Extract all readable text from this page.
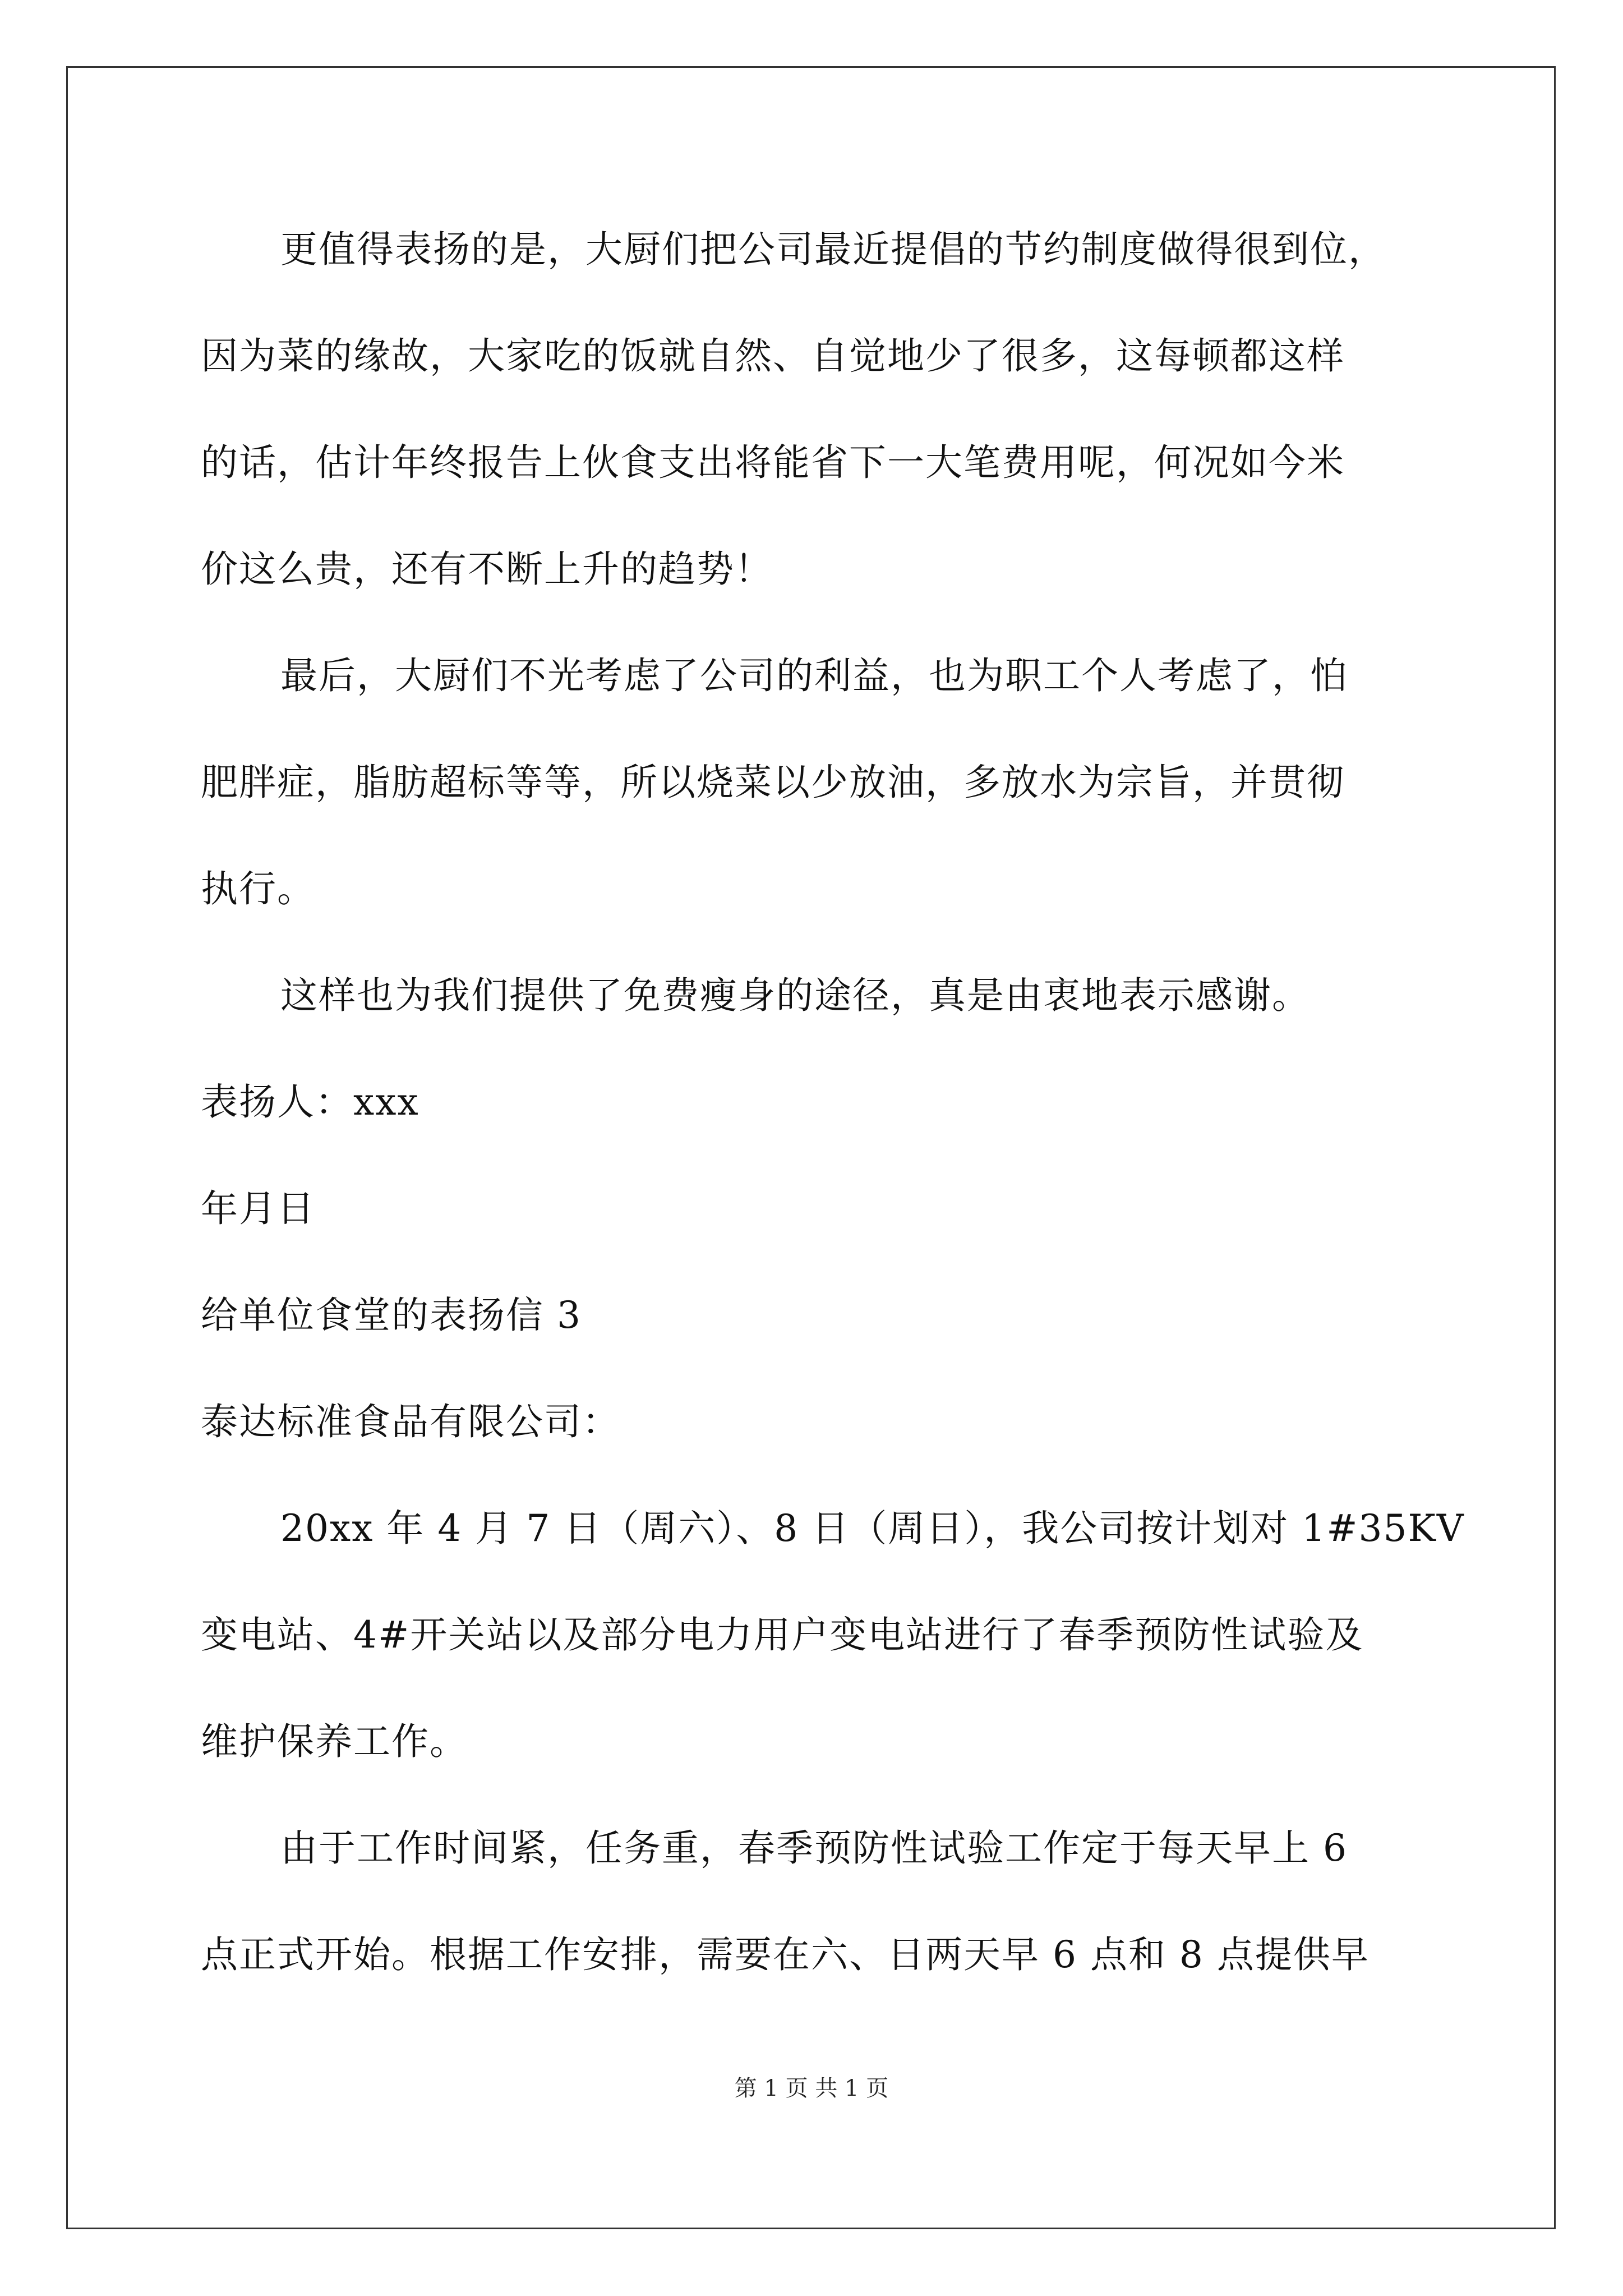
更值得表扬的是，大厨们把公司最近提倡的节约制度做得很到位，
因为菜的缘故，大家吃的饭就自然、自觉地少了很多，这每顿都这样
的话，估计年终报告上伙食支出将能省下一大笔费用呢，何况如今米
价这么贵，还有不断上升的趋势！
最后，大厨们不光考虑了公司的利益，也为职工个人考虑了，怕
肥胖症，脂肪超标等等，所以烧菜以少放油，多放水为宗旨，并贯彻
执行。
这样也为我们提供了免费瘦身的途径，真是由衷地表示感谢。
表扬人：xxx
年月日
给单位食堂的表扬信 3
泰达标准食品有限公司：
20xx 年 4 月 7 日（周六）、8 日（周日），我公司按计划对 1#35KV
变电站、4#开关站以及部分电力用户变电站进行了春季预防性试验及
维护保养工作。
由于工作时间紧，任务重，春季预防性试验工作定于每天早上 6
点正式开始。根据工作安排，需要在六、日两天早 6 点和 8 点提供早
第 1 页 共 1 页
